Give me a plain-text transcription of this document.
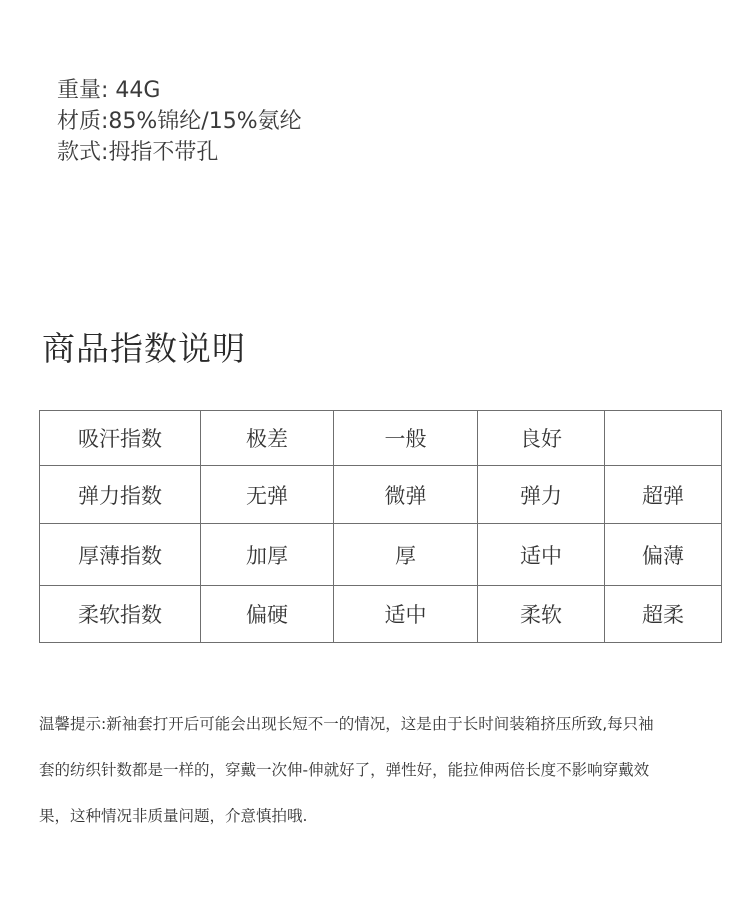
重量: 44G
材质:85%锦纶/15%氨纶
款式:拇指不带孔
商品指数说明
吸汗指数	极差	一般	良好	
弹力指数	无弹	微弹	弹力	超弹
厚薄指数	加厚	厚	适中	偏薄
柔软指数	偏硬	适中	柔软	超柔
温馨提示:新袖套打开后可能会出现长短不一的情况，这是由于长时间装箱挤压所致,每只袖
套的纺织针数都是一样的，穿戴一次伸-伸就好了，弹性好，能拉伸两倍长度不影响穿戴效
果，这种情况非质量问题，介意慎拍哦.
